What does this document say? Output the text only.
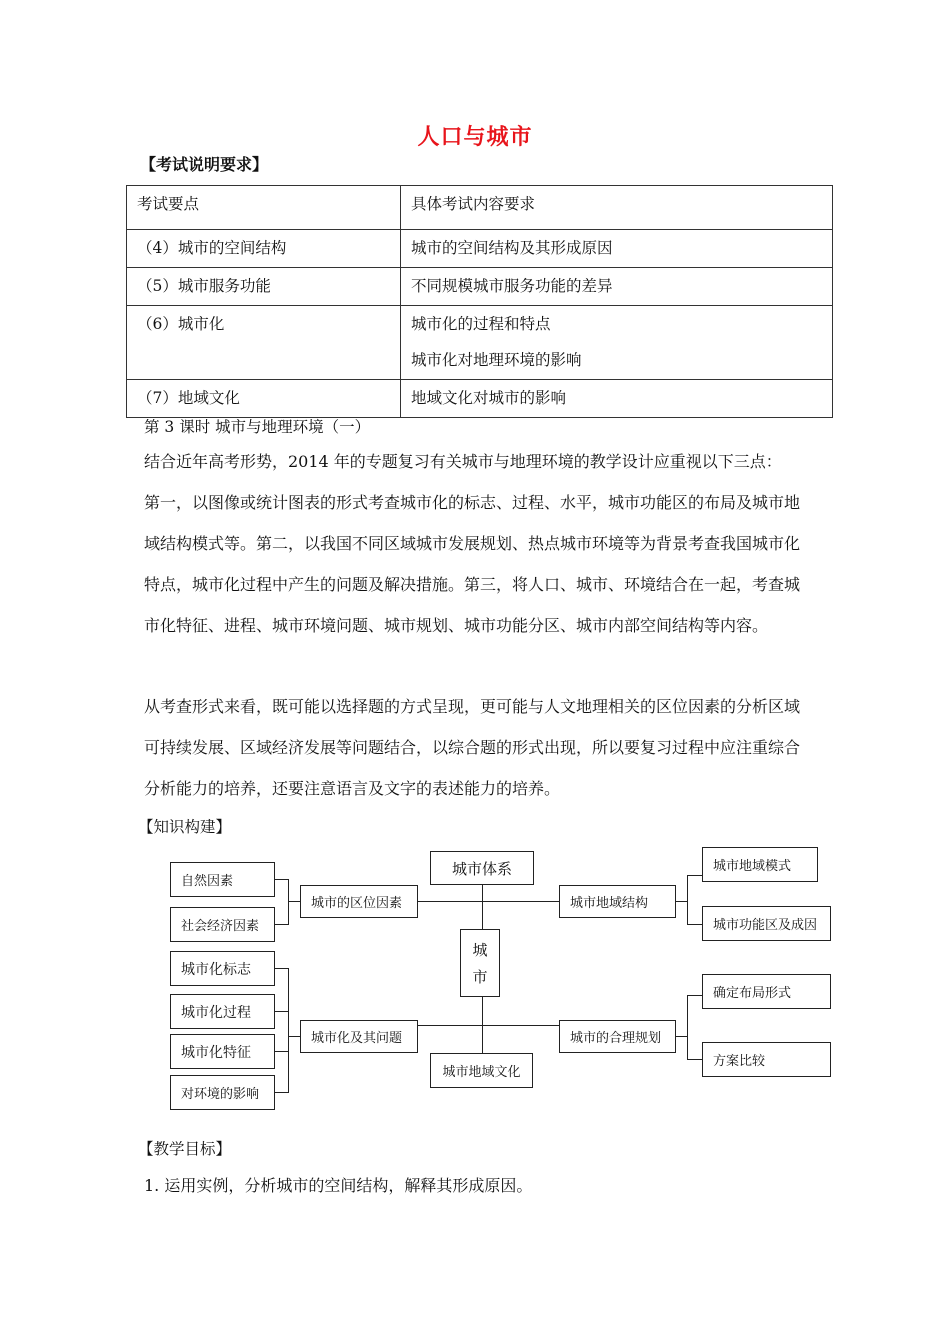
人口与城市
【考试说明要求】
考试要点	具体考试内容要求
（4）城市的空间结构	城市的空间结构及其形成原因
（5）城市服务功能	不同规模城市服务功能的差异
（6）城市化	城市化的过程和特点
城市化对地理环境的影响

（7）地域文化	地域文化对城市的影响
第 3 课时 城市与地理环境（一）
结合近年高考形势，2014 年的专题复习有关城市与地理环境的教学设计应重视以下三点：
第一，以图像或统计图表的形式考查城市化的标志、过程、水平，城市功能区的布局及城市地域结构模式等。第二，以我国不同区域城市发展规划、热点城市环境等为背景考查我国城市化特点，城市化过程中产生的问题及解决措施。第三，将人口、城市、环境结合在一起，考查城市化特征、进程、城市环境问题、城市规划、城市功能分区、城市内部空间结构等内容。
从考查形式来看，既可能以选择题的方式呈现，更可能与人文地理相关的区位因素的分析区域可持续发展、区域经济发展等问题结合，以综合题的形式出现，所以要复习过程中应注重综合分析能力的培养，还要注意语言及文字的表述能力的培养。
【知识构建】
城市体系
城
市
自然因素
社会经济因素
城市的区位因素	城市地域结构
城市地域模式
城市功能区及成因
城市化标志
城市化过程
城市化特征
对环境的影响
城市化及其问题
城市地域文化
城市的合理规划
确定布局形式
方案比较
【教学目标】
1. 运用实例，分析城市的空间结构，解释其形成原因。
